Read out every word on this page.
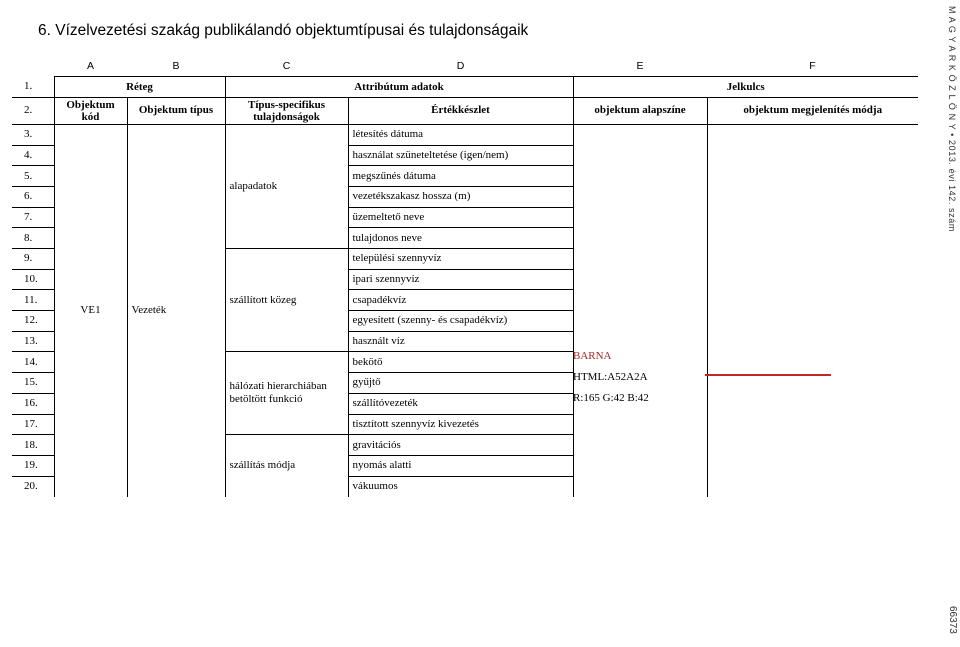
6. Vízelvezetési szakág publikálandó objektumtípusai és tulajdonságaik	M A G Y A R K Ö Z L Ö N Y • 2013. évi 142. szám
66373
	A	B	C	D	E	F
1.	Réteg		Attribútum adatok		Jelkulcs	
2.	Objektum kód	Objektum típus	Típus-specifikus tulajdonságok	Értékkészlet	objektum alapszíne	objektum megjelenítés módja
3.	VE1	Vezeték	alapadatok	létesítés dátuma		
4.				használat szüneteltetése (igen/nem)		
5.				megszűnés dátuma		
6.				vezetékszakasz hossza (m)		
7.				üzemeltető neve		
8.				tulajdonos neve		
9.			szállított közeg	települési szennyvíz		
10.				ipari szennyvíz		
11.				csapadékvíz		
12.				egyesített (szenny- és csapadékvíz)		
13.				használt víz		
14.			hálózati hierarchiában betöltött funkció	bekötő		
15.				gyűjtő		
16.				szállítóvezeték		
17.				tisztított szennyvíz kivezetés		
18.			szállítás módja	gravitációs		
19.				nyomás alatti		
20.				vákuumos		
BARNA
HTML:A52A2A
R:165 G:42 B:42
